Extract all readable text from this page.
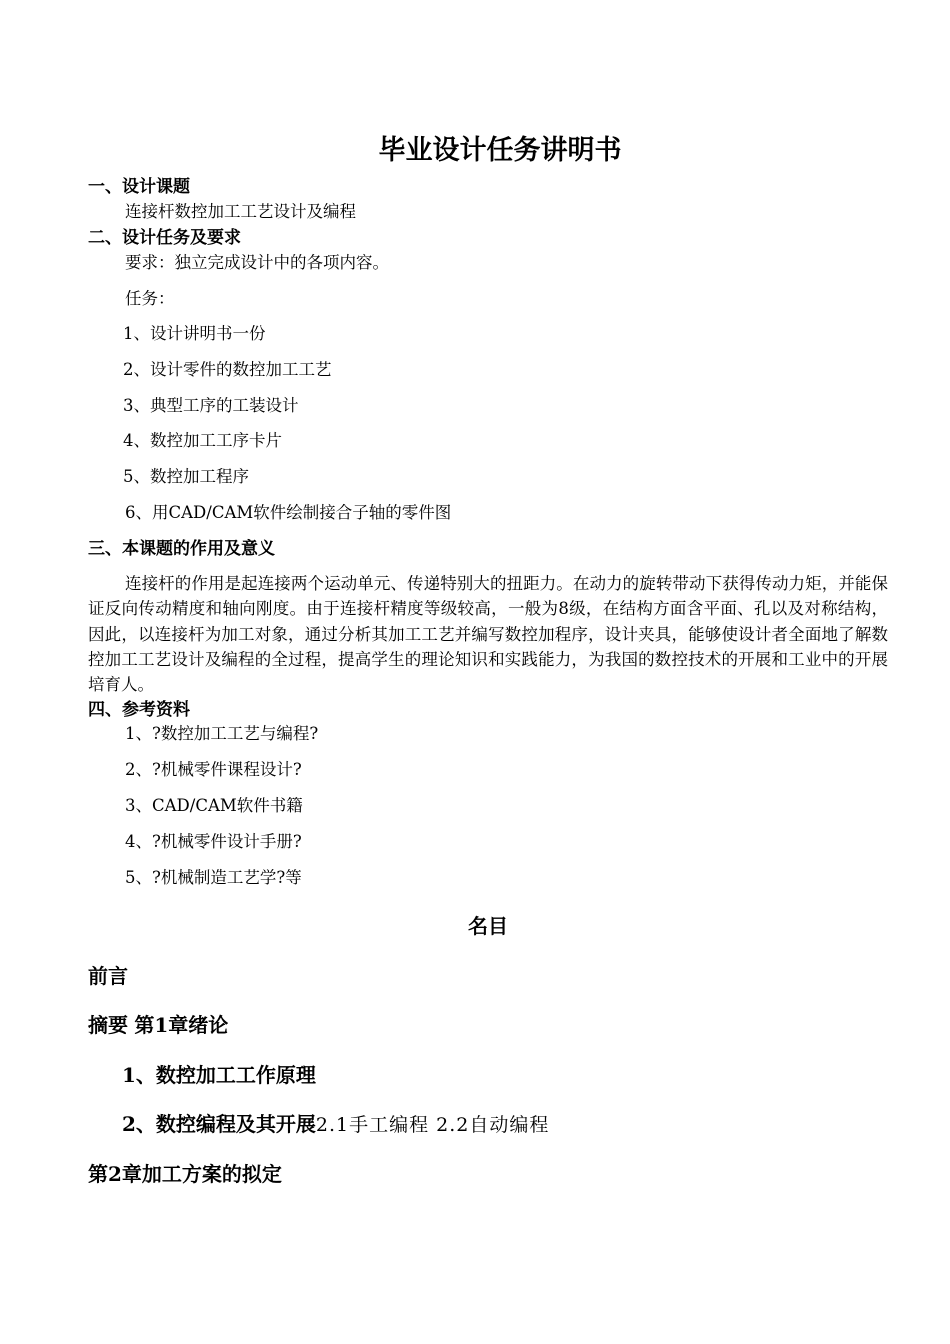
毕业设计任务讲明书
一、设计课题
连接杆数控加工工艺设计及编程
二、设计任务及要求
要求：独立完成设计中的各项内容。
任务：
1、设计讲明书一份
2、设计零件的数控加工工艺
3、典型工序的工装设计
4、数控加工工序卡片
5、数控加工程序
6、用CAD/CAM软件绘制接合子轴的零件图
三、本课题的作用及意义

连接杆的作用是起连接两个运动单元、传递特别大的扭距力。在动力的旋转带动下获得传动力矩，并能保证反向传动精度和轴向刚度。由于连接杆精度等级较高，一般为8级，在结构方面含平面、孔以及对称结构，因此，以连接杆为加工对象，通过分析其加工工艺并编写数控加程序，设计夹具，能够使设计者全面地了解数控加工工艺设计及编程的全过程，提高学生的理论知识和实践能力，为我国的数控技术的开展和工业中的开展培育人。

四、参考资料
1、?数控加工工艺与编程?
2、?机械零件课程设计?
3、CAD/CAM软件书籍
4、?机械零件设计手册?
5、?机械制造工艺学?等
名目
前言
摘要 第1章绪论
1、数控加工工作原理
2、数控编程及其开展2.1手工编程 2.2自动编程
第2章加工方案的拟定
